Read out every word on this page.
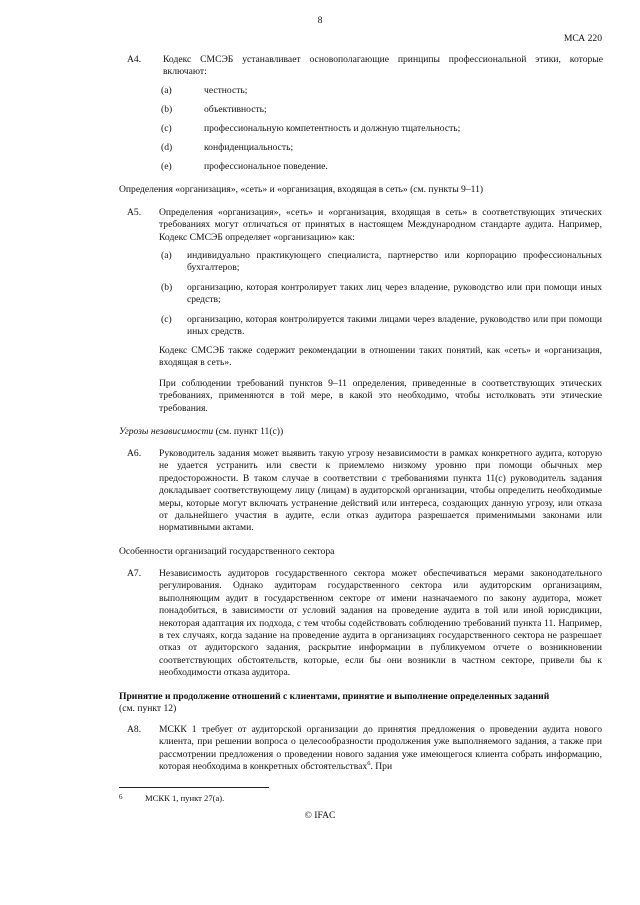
8
МСА 220
A4. Кодекс СМСЭБ устанавливает основополагающие принципы профессиональной этики, которые включают:
(a)	честность;
(b)	объективность;
(c)	профессиональную компетентность и должную тщательность;
(d)	конфиденциальность;
(e)	профессиональное поведение.
Определения «организация», «сеть» и «организация, входящая в сеть» (см. пункты 9–11)
A5. Определения «организация», «сеть» и «организация, входящая в сеть» в соответствующих этических требованиях могут отличаться от принятых в настоящем Международном стандарте аудита. Например, Кодекс СМСЭБ определяет «организацию» как:
(a) индивидуально практикующего специалиста, партнерство или корпорацию профессиональных бухгалтеров;
(b) организацию, которая контролирует таких лиц через владение, руководство или при помощи иных средств;
(c) организацию, которая контролируется такими лицами через владение, руководство или при помощи иных средств.
Кодекс СМСЭБ также содержит рекомендации в отношении таких понятий, как «сеть» и «организация, входящая в сеть».
При соблюдении требований пунктов 9–11 определения, приведенные в соответствующих этических требованиях, применяются в той мере, в какой это необходимо, чтобы истолковать эти этические требования.
Угрозы независимости (см. пункт 11(с))
A6. Руководитель задания может выявить такую угрозу независимости в рамках конкретного аудита, которую не удается устранить или свести к приемлемо низкому уровню при помощи обычных мер предосторожности. В таком случае в соответствии с требованиями пункта 11(с) руководитель задания докладывает соответствующему лицу (лицам) в аудиторской организации, чтобы определить необходимые меры, которые могут включать устранение действий или интереса, создающих данную угрозу, или отказа от дальнейшего участия в аудите, если отказ аудитора разрешается применимыми законами или нормативными актами.
Особенности организаций государственного сектора
A7. Независимость аудиторов государственного сектора может обеспечиваться мерами законодательного регулирования. Однако аудиторам государственного сектора или аудиторским организациям, выполняющим аудит в государственном секторе от имени назначаемого по закону аудитора, может понадобиться, в зависимости от условий задания на проведение аудита в той или иной юрисдикции, некоторая адаптация их подхода, с тем чтобы содействовать соблюдению требований пункта 11. Например, в тех случаях, когда задание на проведение аудита в организациях государственного сектора не разрешает отказ от аудиторского задания, раскрытие информации в публикуемом отчете о возникновении соответствующих обстоятельств, которые, если бы они возникли в частном секторе, привели бы к необходимости отказа аудитора.
Принятие и продолжение отношений с клиентами, принятие и выполнение определенных заданий
(см. пункт 12)
A8. МСКК 1 требует от аудиторской организации до принятия предложения о проведении аудита нового клиента, при решении вопроса о целесообразности продолжения уже выполняемого задания, а также при рассмотрении предложения о проведении нового задания уже имеющегося клиента собрать информацию, которая необходима в конкретных обстоятельствах$^6$. При
6	МСКК 1, пункт 27(а).
© IFAC
